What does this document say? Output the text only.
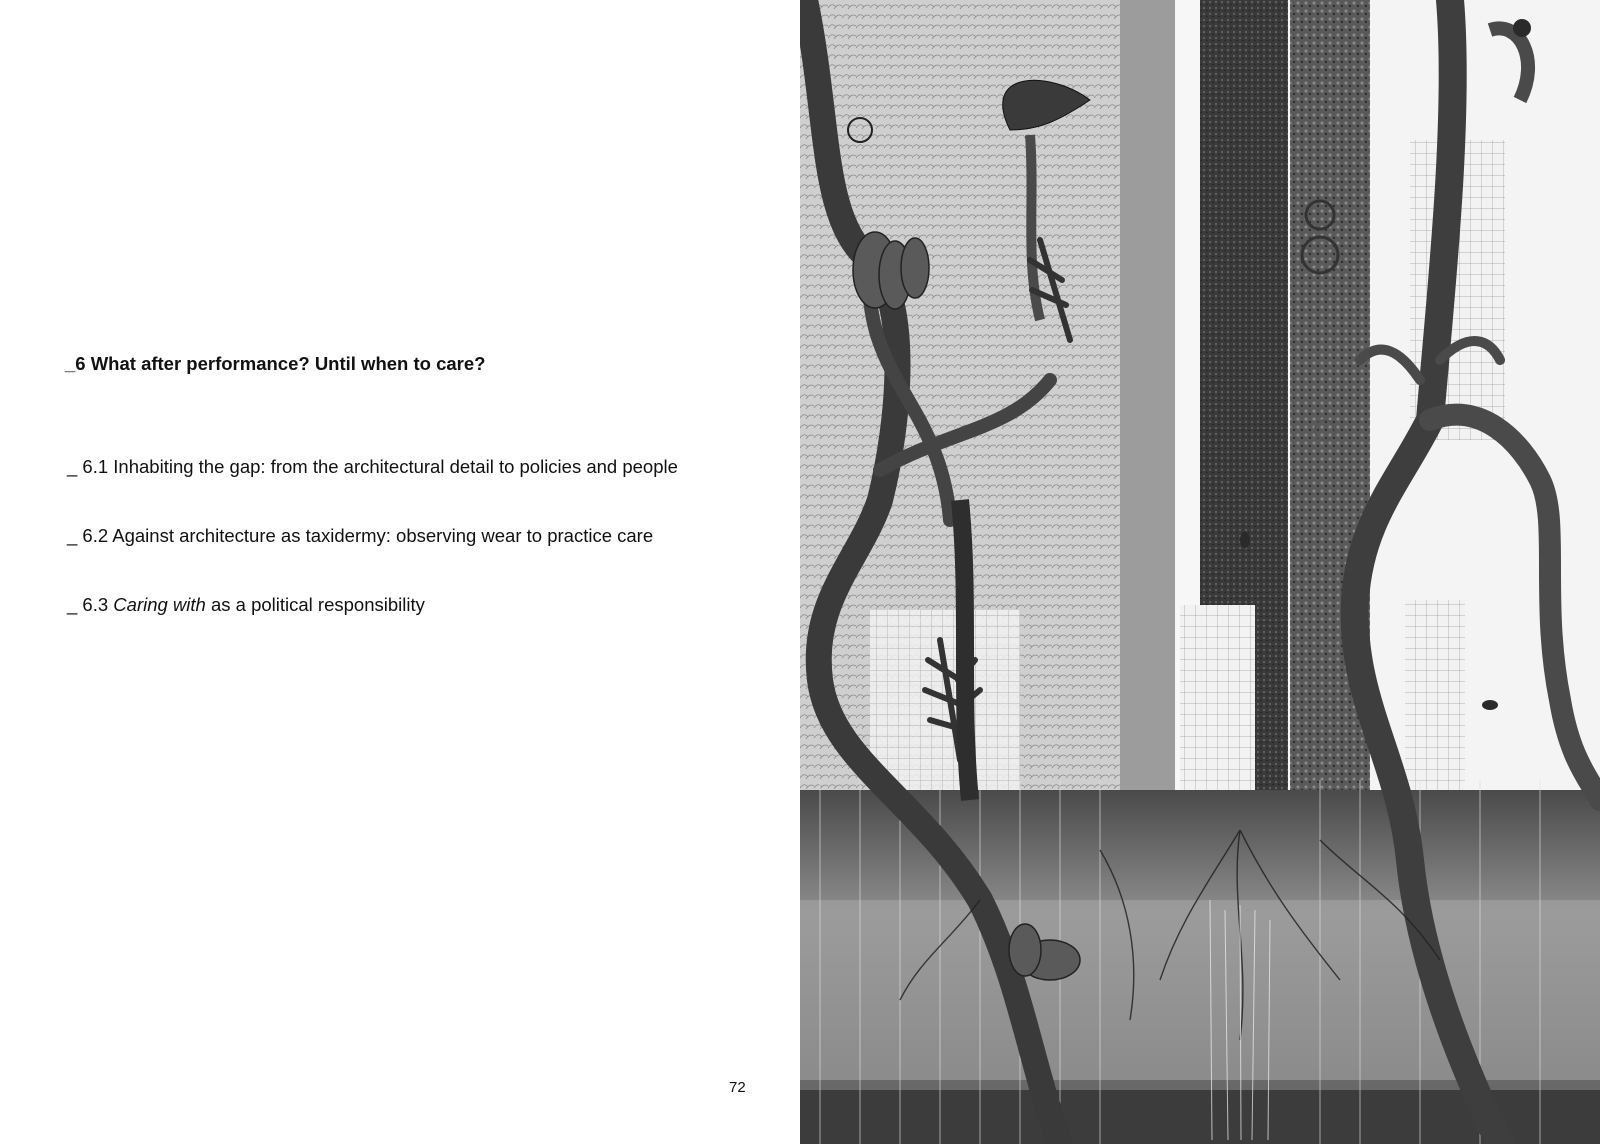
_6 What after performance? Until when to care?
_ 6.1 Inhabiting the gap: from the architectural detail to policies and people
_ 6.2 Against architecture as taxidermy: observing wear to practice care
_ 6.3 Caring with as a political responsibility
72
